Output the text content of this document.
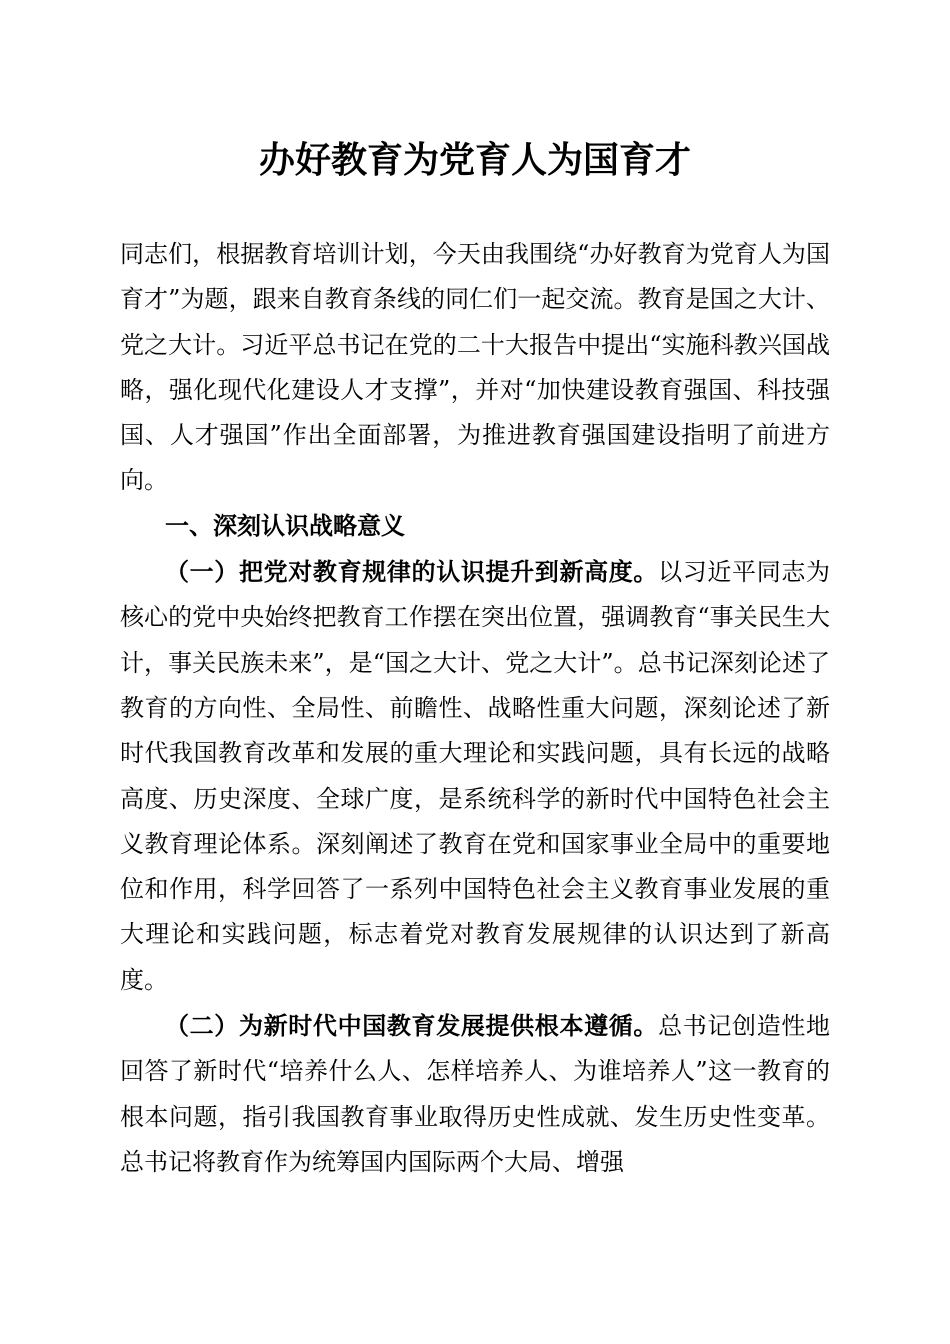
办好教育为党育人为国育才

同志们，根据教育培训计划，今天由我围绕“办好教育为党育人为国育才”为题，跟来自教育条线的同仁们一起交流。教育是国之大计、党之大计。习近平总书记在党的二十大报告中提出“实施科教兴国战略，强化现代化建设人才支撑”，并对“加快建设教育强国、科技强国、人才强国”作出全面部署，为推进教育强国建设指明了前进方向。

一、深刻认识战略意义

（一）把党对教育规律的认识提升到新高度。以习近平同志为核心的党中央始终把教育工作摆在突出位置，强调教育“事关民生大计，事关民族未来”，是“国之大计、党之大计”。总书记深刻论述了教育的方向性、全局性、前瞻性、战略性重大问题，深刻论述了新时代我国教育改革和发展的重大理论和实践问题，具有长远的战略高度、历史深度、全球广度，是系统科学的新时代中国特色社会主义教育理论体系。深刻阐述了教育在党和国家事业全局中的重要地位和作用，科学回答了一系列中国特色社会主义教育事业发展的重大理论和实践问题，标志着党对教育发展规律的认识达到了新高度。

（二）为新时代中国教育发展提供根本遵循。总书记创造性地回答了新时代“培养什么人、怎样培养人、为谁培养人”这一教育的根本问题，指引我国教育事业取得历史性成就、发生历史性变革。总书记将教育作为统筹国内国际两个大局、增强
